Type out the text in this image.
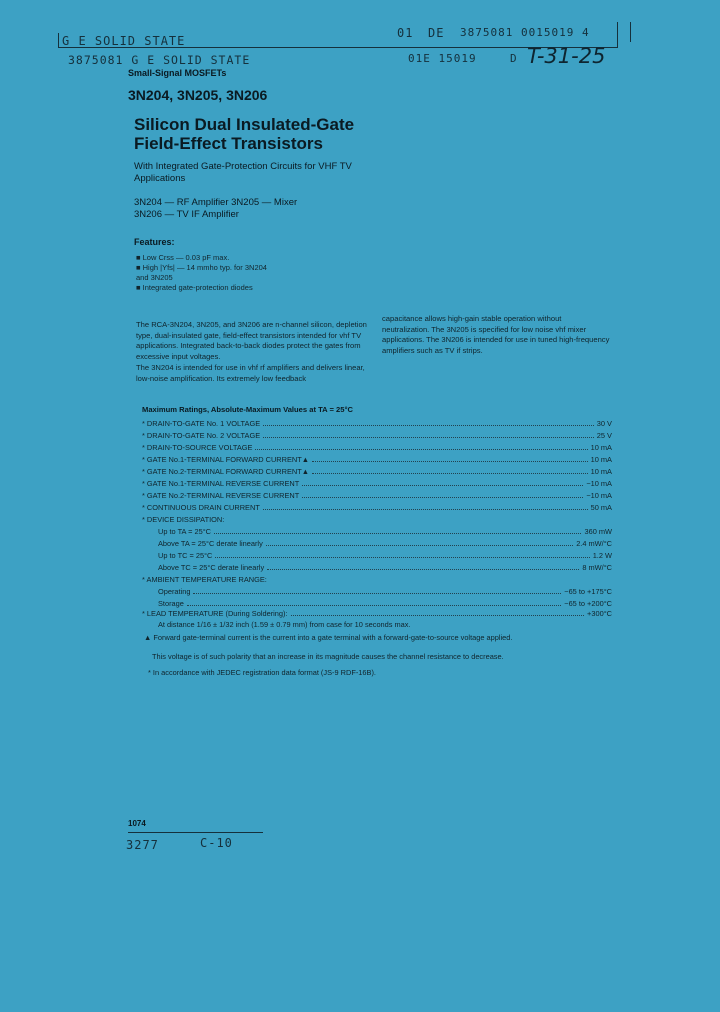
G E SOLID STATE
01 DE 3875081 0015019 4
3875081 G E SOLID STATE	01E 15019	D T-31-25
Small-Signal MOSFETs
3N204, 3N205, 3N206
Silicon Dual Insulated-Gate
Field-Effect Transistors
With Integrated Gate-Protection Circuits for VHF TV
Applications
3N204 — RF Amplifier 3N205 — Mixer
3N206 — TV IF Amplifier
Features:
■ Low Crss — 0.03 pF max.
■ High |Yfs| — 14 mmho typ. for 3N204
and 3N205
■ Integrated gate-protection diodes
The RCA-3N204, 3N205, and 3N206 are n-channel silicon, depletion type, dual-insulated gate, field-effect transistors intended for vhf TV applications. Integrated back-to-back diodes protect the gates from excessive input voltages.
The 3N204 is intended for use in vhf rf amplifiers and delivers linear, low-noise amplification. Its extremely low feedback
capacitance allows high-gain stable operation without neutralization. The 3N205 is specified for low noise vhf mixer applications. The 3N206 is intended for use in tuned high-frequency amplifiers such as TV if strips.
Maximum Ratings, Absolute-Maximum Values at TA = 25°C
* DRAIN-TO-GATE No. 1 VOLTAGE	30 V
* DRAIN-TO-GATE No. 2 VOLTAGE	25 V
* DRAIN-TO-SOURCE VOLTAGE	10 mA
* GATE No.1-TERMINAL FORWARD CURRENT▲	10 mA
* GATE No.2-TERMINAL FORWARD CURRENT▲	10 mA
* GATE No.1-TERMINAL REVERSE CURRENT	−10 mA
* GATE No.2-TERMINAL REVERSE CURRENT	−10 mA
* CONTINUOUS DRAIN CURRENT	50 mA
* DEVICE DISSIPATION:
Up to TA = 25°C	360 mW
Above TA = 25°C derate linearly	2.4 mW/°C
Up to TC = 25°C	1.2 W
Above TC = 25°C derate linearly	8 mW/°C
* AMBIENT TEMPERATURE RANGE:
Operating	−65 to +175°C
Storage	−65 to +200°C
* LEAD TEMPERATURE (During Soldering):	+300°C
At distance 1/16 ± 1/32 inch (1.59 ± 0.79 mm) from case for 10 seconds max.
▲ Forward gate-terminal current is the current into a gate terminal with a forward-gate-to-source voltage applied.
This voltage is of such polarity that an increase in its magnitude causes the channel resistance to decrease.
* In accordance with JEDEC registration data format (JS-9 RDF-16B).
1074
3277	C-10
